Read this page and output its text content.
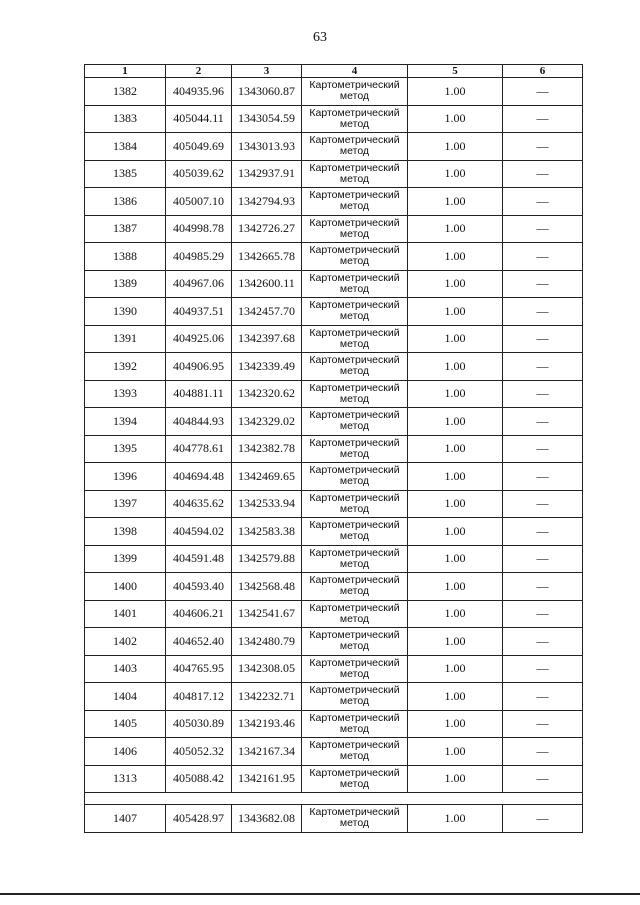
63
1	2	3	4	5	6
1382	404935.96	1343060.87	Картометрический метод	1.00	—
1383	405044.11	1343054.59	Картометрический метод	1.00	—
1384	405049.69	1343013.93	Картометрический метод	1.00	—
1385	405039.62	1342937.91	Картометрический метод	1.00	—
1386	405007.10	1342794.93	Картометрический метод	1.00	—
1387	404998.78	1342726.27	Картометрический метод	1.00	—
1388	404985.29	1342665.78	Картометрический метод	1.00	—
1389	404967.06	1342600.11	Картометрический метод	1.00	—
1390	404937.51	1342457.70	Картометрический метод	1.00	—
1391	404925.06	1342397.68	Картометрический метод	1.00	—
1392	404906.95	1342339.49	Картометрический метод	1.00	—
1393	404881.11	1342320.62	Картометрический метод	1.00	—
1394	404844.93	1342329.02	Картометрический метод	1.00	—
1395	404778.61	1342382.78	Картометрический метод	1.00	—
1396	404694.48	1342469.65	Картометрический метод	1.00	—
1397	404635.62	1342533.94	Картометрический метод	1.00	—
1398	404594.02	1342583.38	Картометрический метод	1.00	—
1399	404591.48	1342579.88	Картометрический метод	1.00	—
1400	404593.40	1342568.48	Картометрический метод	1.00	—
1401	404606.21	1342541.67	Картометрический метод	1.00	—
1402	404652.40	1342480.79	Картометрический метод	1.00	—
1403	404765.95	1342308.05	Картометрический метод	1.00	—
1404	404817.12	1342232.71	Картометрический метод	1.00	—
1405	405030.89	1342193.46	Картометрический метод	1.00	—
1406	405052.32	1342167.34	Картометрический метод	1.00	—
1313	405088.42	1342161.95	Картометрический метод	1.00	—

1407	405428.97	1343682.08	Картометрический метод	1.00	—
